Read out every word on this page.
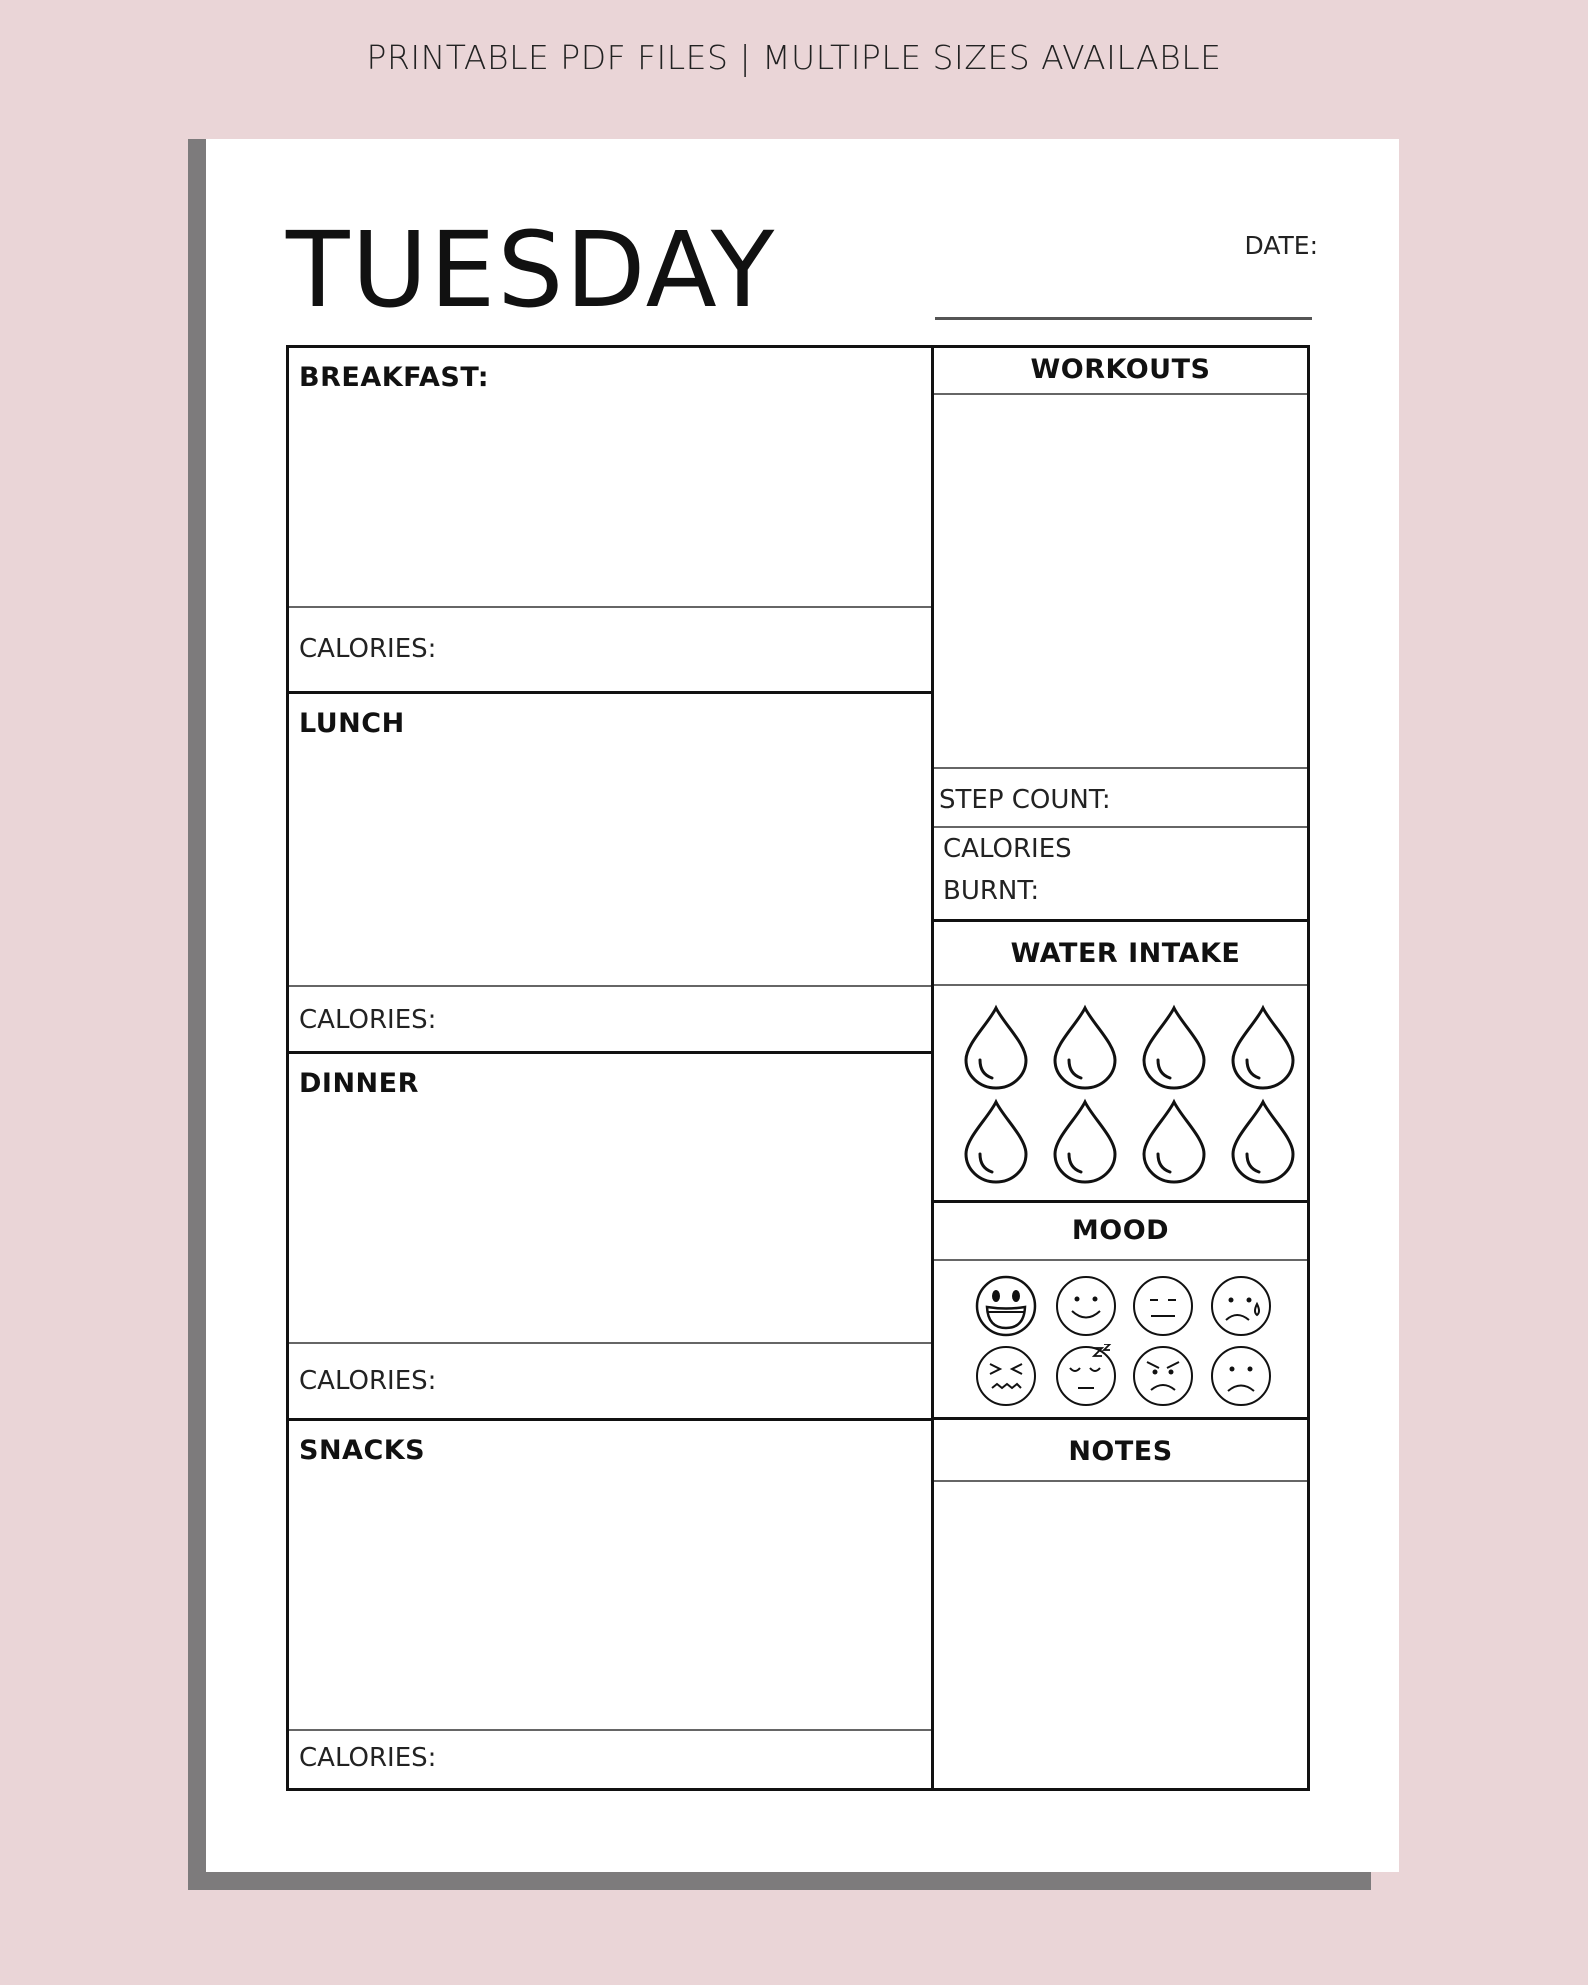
PRINTABLE PDF FILES | MULTIPLE SIZES AVAILABLE
TUESDAY	DATE:
BREAKFAST:
CALORIES:
LUNCH
CALORIES:
DINNER
CALORIES:
SNACKS
CALORIES:
WORKOUTS
STEP COUNT:
CALORIES
BURNT:
WATER INTAKE
MOOD
NOTES
